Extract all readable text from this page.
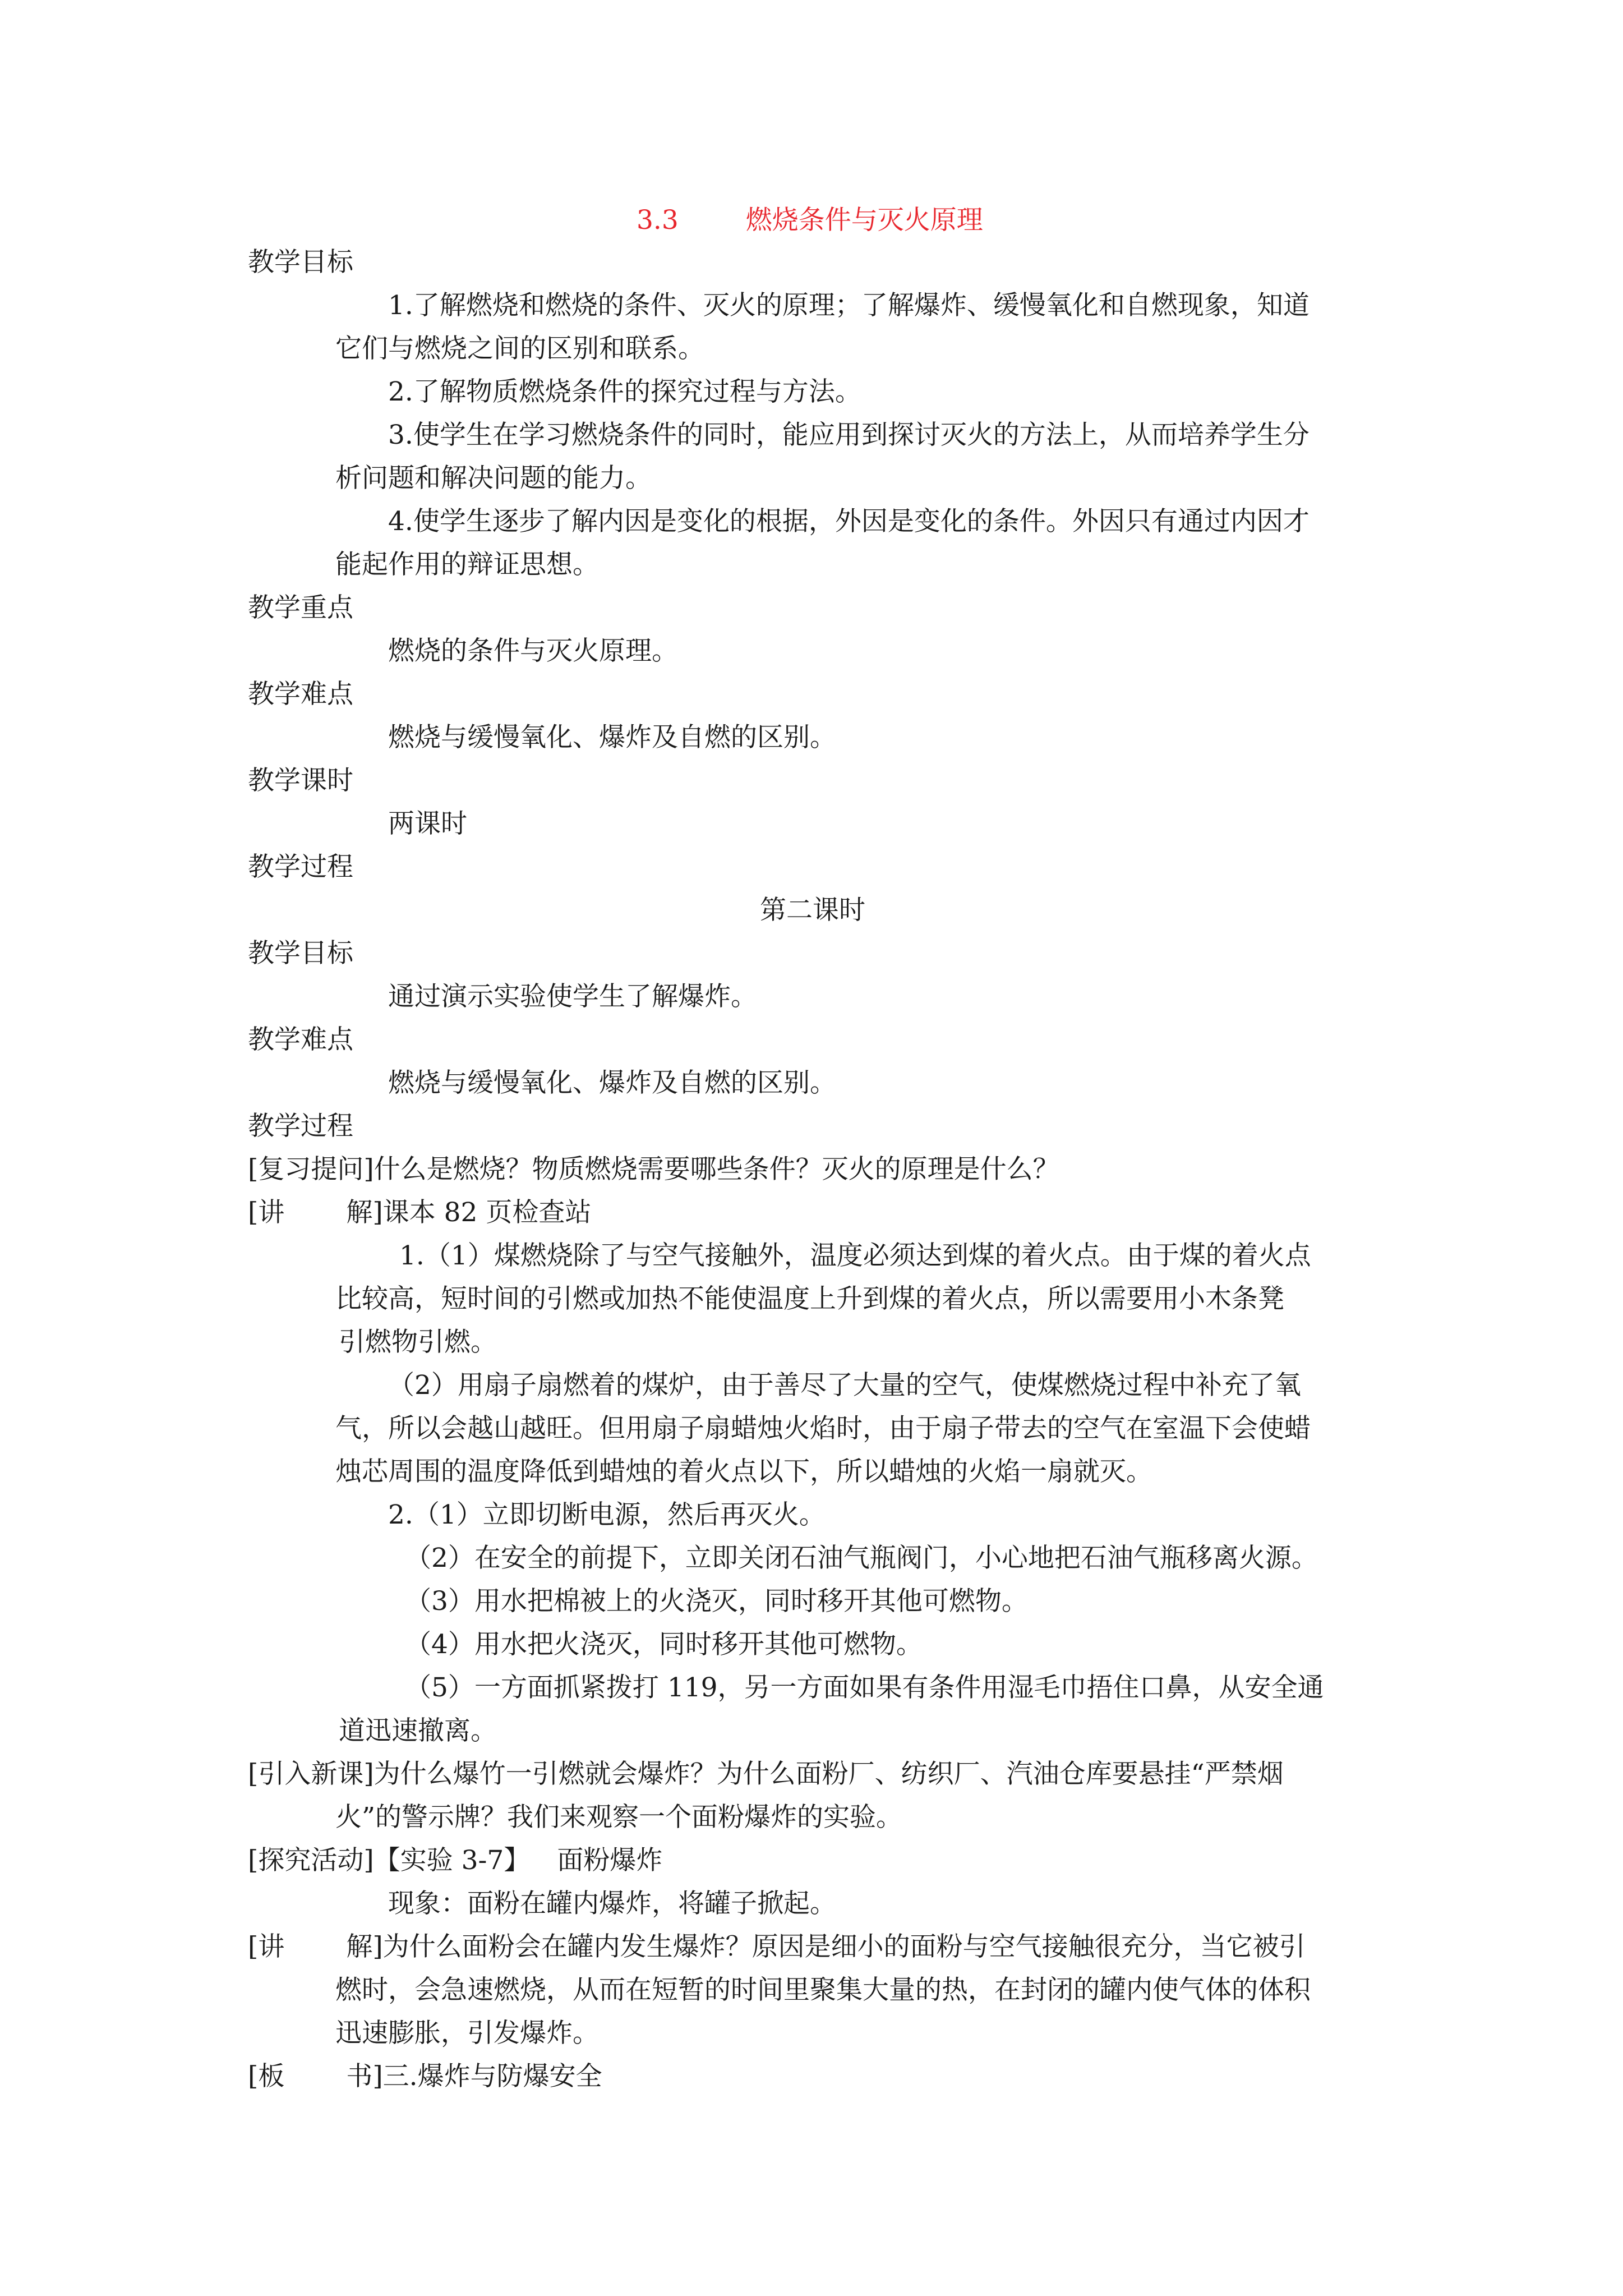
3.3	燃烧条件与灭火原理
教学目标
1.了解燃烧和燃烧的条件、灭火的原理；了解爆炸、缓慢氧化和自燃现象，知道
它们与燃烧之间的区别和联系。
2.了解物质燃烧条件的探究过程与方法。
3.使学生在学习燃烧条件的同时，能应用到探讨灭火的方法上，从而培养学生分
析问题和解决问题的能力。
4.使学生逐步了解内因是变化的根据，外因是变化的条件。外因只有通过内因才
能起作用的辩证思想。
教学重点
燃烧的条件与灭火原理。
教学难点
燃烧与缓慢氧化、爆炸及自燃的区别。
教学课时
两课时
教学过程
第二课时
教学目标
通过演示实验使学生了解爆炸。
教学难点
燃烧与缓慢氧化、爆炸及自燃的区别。
教学过程
[复习提问]什么是燃烧？物质燃烧需要哪些条件？灭火的原理是什么？
[讲 解]课本 82 页检查站
1.（1）煤燃烧除了与空气接触外，温度必须达到煤的着火点。由于煤的着火点
比较高，短时间的引燃或加热不能使温度上升到煤的着火点，所以需要用小木条凳
引燃物引燃。
（2）用扇子扇燃着的煤炉，由于善尽了大量的空气，使煤燃烧过程中补充了氧
气，所以会越山越旺。但用扇子扇蜡烛火焰时，由于扇子带去的空气在室温下会使蜡
烛芯周围的温度降低到蜡烛的着火点以下，所以蜡烛的火焰一扇就灭。
2.（1）立即切断电源，然后再灭火。
（2）在安全的前提下，立即关闭石油气瓶阀门，小心地把石油气瓶移离火源。
（3）用水把棉被上的火浇灭，同时移开其他可燃物。
（4）用水把火浇灭，同时移开其他可燃物。
（5）一方面抓紧拨打 119，另一方面如果有条件用湿毛巾捂住口鼻，从安全通
道迅速撤离。
[引入新课]为什么爆竹一引燃就会爆炸？为什么面粉厂、纺织厂、汽油仓库要悬挂“严禁烟
火”的警示牌？我们来观察一个面粉爆炸的实验。
[探究活动]【实验 3-7】 面粉爆炸
现象：面粉在罐内爆炸，将罐子掀起。
[讲 解]为什么面粉会在罐内发生爆炸？原因是细小的面粉与空气接触很充分，当它被引
燃时，会急速燃烧，从而在短暂的时间里聚集大量的热，在封闭的罐内使气体的体积
迅速膨胀，引发爆炸。
[板 书]三.爆炸与防爆安全
